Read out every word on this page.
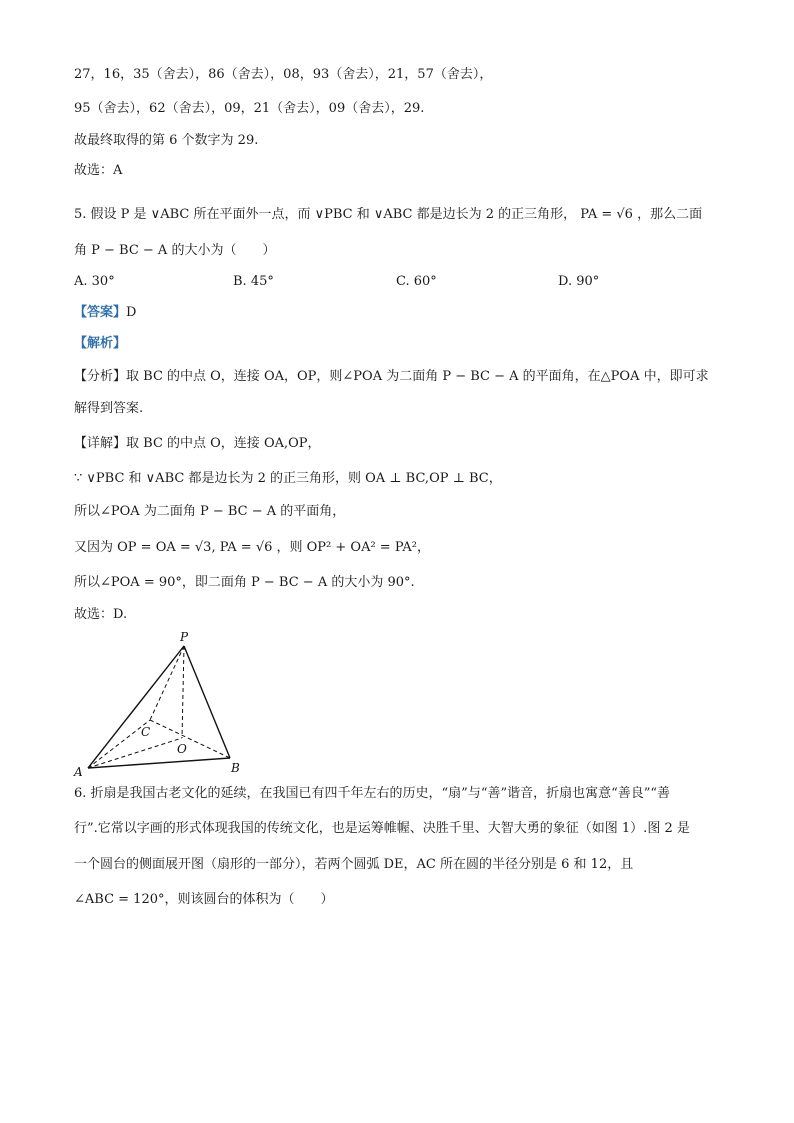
27，16，35（舍去），86（舍去），08，93（舍去），21，57（舍去），

95（舍去），62（舍去），09，21（舍去），09（舍去），29.

故最终取得的第 6 个数字为 29.

故选：A

5. 假设 P 是 ∨ABC 所在平面外一点，而 ∨PBC 和 ∨ABC 都是边长为 2 的正三角形， PA = √6 ，那么二面

角 P − BC − A 的大小为（　　）

A. 30°	B. 45°	C. 60°	D. 90°

【答案】D

【解析】

【分析】取 BC 的中点 O，连接 OA，OP，则∠POA 为二面角 P − BC − A 的平面角，在△POA 中，即可求

解得到答案.

【详解】取 BC 的中点 O，连接 OA,OP，

∵ ∨PBC 和 ∨ABC 都是边长为 2 的正三角形，则 OA ⊥ BC,OP ⊥ BC，

所以∠POA 为二面角 P − BC − A 的平面角，

又因为 OP = OA = √3, PA = √6 ，则 OP² + OA² = PA²，

所以∠POA = 90°，即二面角 P − BC − A 的大小为 90°.

故选：D.

P
A	B
C
O

6. 折扇是我国古老文化的延续，在我国已有四千年左右的历史，“扇”与“善”谐音，折扇也寓意“善良”“善

行”.它常以字画的形式体现我国的传统文化，也是运筹帷幄、决胜千里、大智大勇的象征（如图 1）.图 2 是

一个圆台的侧面展开图（扇形的一部分），若两个圆弧 DE，AC 所在圆的半径分别是 6 和 12，且

∠ABC = 120°，则该圆台的体积为（　　）
